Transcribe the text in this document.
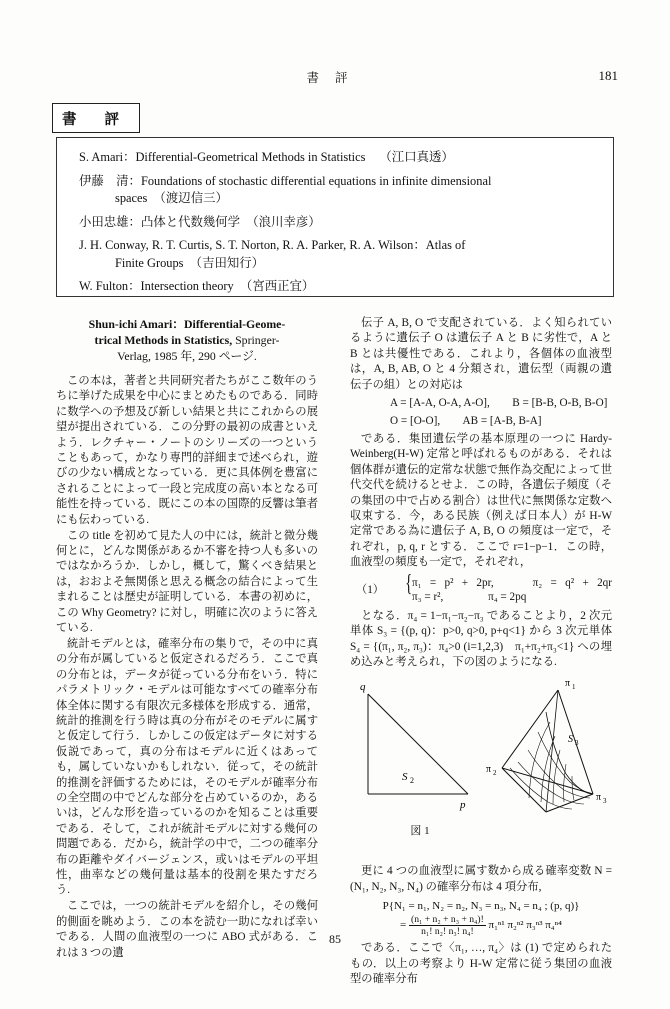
書評	181
書評
S. Amari：Differential-Geometrical Methods in Statistics （江口真透）
伊藤　清：Foundations of stochastic differential equations in infinite dimensional
spaces　（渡辺信三）
小田忠雄：凸体と代数幾何学　（浪川幸彦）
J. H. Conway, R. T. Curtis, S. T. Norton, R. A. Parker, R. A. Wilson：Atlas of
Finite Groups　（吉田知行）
W. Fulton：Intersection theory　（宮西正宜）
Shun-ichi Amari：Differential-Geome-
trical Methods in Statistics, Springer-
Verlag, 1985 年, 290 ページ.

この本は，著者と共同研究者たちがここ数年のうちに挙げた成果を中心にまとめたものである．同時に数学への予想及び新しい結果と共にこれからの展望が提出されている．この分野の最初の成書といえよう．レクチャー・ノートのシリーズの一つということもあって，かなり専門的詳細まで述べられ，遊びの少ない構成となっている．更に具体例を豊富にされることによって一段と完成度の高い本となる可能性を持っている．既にこの本の国際的反響は筆者にも伝わっている.

この title を初めて見た人の中には，統計と微分幾何とに，どんな関係があるか不審を持つ人も多いのではなかろうか．しかし，概して，驚くべき結果とは，おおよそ無関係と思える概念の結合によって生まれることは歴史が証明している．本書の初めに，この Why Geometry? に対し，明確に次のように答えている.

統計モデルとは，確率分布の集りで，その中に真の分布が属していると仮定されるだろう．ここで真の分布とは，データが従っている分布をいう．特にパラメトリック・モデルは可能なすべての確率分布体全体に関する有限次元多様体を形成する．通常，統計的推測を行う時は真の分布がそのモデルに属すと仮定して行う．しかしこの仮定はデータに対する仮説であって，真の分布はモデルに近くはあっても，属していないかもしれない．従って，その統計的推測を評価するためには，そのモデルが確率分布の全空間の中でどんな部分を占めているのか，あるいは，どんな形を造っているのかを知ることは重要である．そして，これが統計モデルに対する幾何の問題である．だから，統計学の中で，二つの確率分布の距離やダイバージェンス，或いはモデルの平坦性，曲率などの幾何量は基本的役割を果たすだろう.

ここでは，一つの統計モデルを紹介し，その幾何的側面を眺めよう．この本を読む一助になれば幸いである．人間の血液型の一つに ABO 式がある．これは 3 つの遺

伝子 A, B, O で支配されている．よく知られているように遺伝子 O は遺伝子 A と B に劣性で，A と B とは共優性である．これより，各個体の血液型は，A, B, AB, O と 4 分類され，遺伝型（両親の遺伝子の組）との対応は

A = [A-A, O-A, A-O],　　B = [B-B, O-B, B-O]
O = [O-O],　　AB = [A-B, B-A]

である．集団遺伝学の基本原理の一つに Hardy-Weinberg(H-W) 定常と呼ばれるものがある．それは個体群が遺伝的定常な状態で無作為交配によって世代交代を続けるとせよ．この時，各遺伝子頻度（その集団の中で占める割合）は世代に無関係な定数へ収束する．今，ある民族（例えば日本人）が H-W 定常である為に遺伝子 A, B, O の頻度は一定で，それぞれ，p, q, r とする．ここで r=1−p−1．この時，血液型の頻度も一定で，それぞれ，

（1） { π₁ = p² + 2pr,　　π₂ = q² + 2qr π₃ = r²,　　　　π₄ = 2pq

となる．π₄ = 1−π₁−π₂−π₃ であることより，2 次元単体 S₃ = {(p, q)：p>0, q>0, p+q<1} から 3 次元単体 S₄ = {(π₁, π₂, π₃)：π₄>0 (i=1,2,3)　π₁+π₂+π₃<1} への埋め込みと考えられ，下の図のようになる.

q
p
S 2
π 1
π 2
π 3
S 3
図 1

更に 4 つの血液型に属す数から成る確率変数 N = (N₁, N₂, N₃, N₄) の確率分布は 4 項分布,

P{N₁ = n₁, N₂ = n₂, N₃ = n₃, N₄ = n₄ ; (p, q)}
= $\frac{\text{(n₁ + n₂ + n₃ + n₄)!}}{\text{n₁! n₂! n₃! n₄!}} \pi_1^{n1}$ π₂ⁿ² π₃ⁿ³ π₄ⁿ⁴

である．ここで〈π₁, …, π₄〉は (1) で定められたもの．以上の考察より H-W 定常に従う集団の血液型の確率分布

85
